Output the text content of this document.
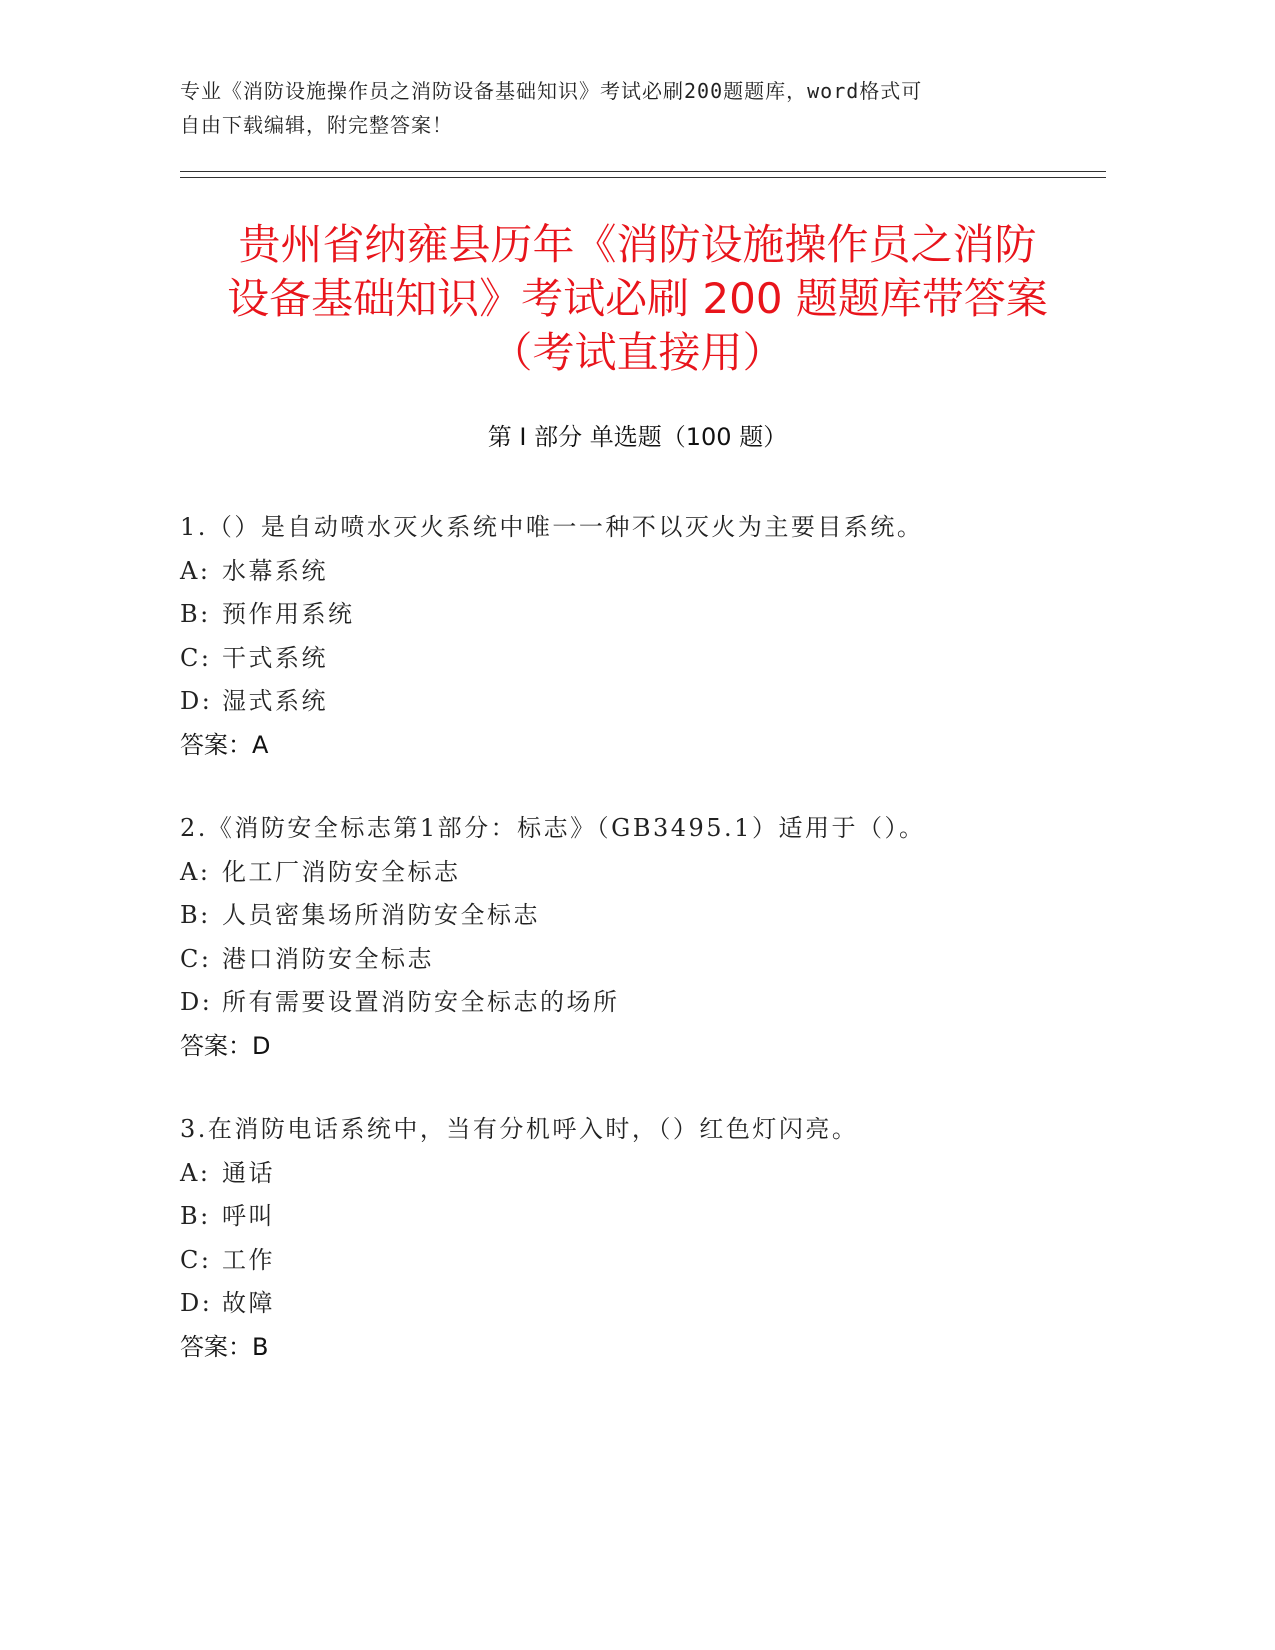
专业《消防设施操作员之消防设备基础知识》考试必刷200题题库，word格式可
自由下载编辑，附完整答案！
贵州省纳雍县历年《消防设施操作员之消防
设备基础知识》考试必刷 200 题题库带答案
（考试直接用）
第 I 部分 单选题（100 题）
1.（）是自动喷水灭火系统中唯一一种不以灭火为主要目系统。
A: 水幕系统
B: 预作用系统
C: 干式系统
D: 湿式系统
答案：A
2.《消防安全标志第1部分：标志》（GB3495.1）适用于（）。
A: 化工厂消防安全标志
B: 人员密集场所消防安全标志
C: 港口消防安全标志
D: 所有需要设置消防安全标志的场所
答案：D
3.在消防电话系统中，当有分机呼入时，（）红色灯闪亮。
A: 通话
B: 呼叫
C: 工作
D: 故障
答案：B
